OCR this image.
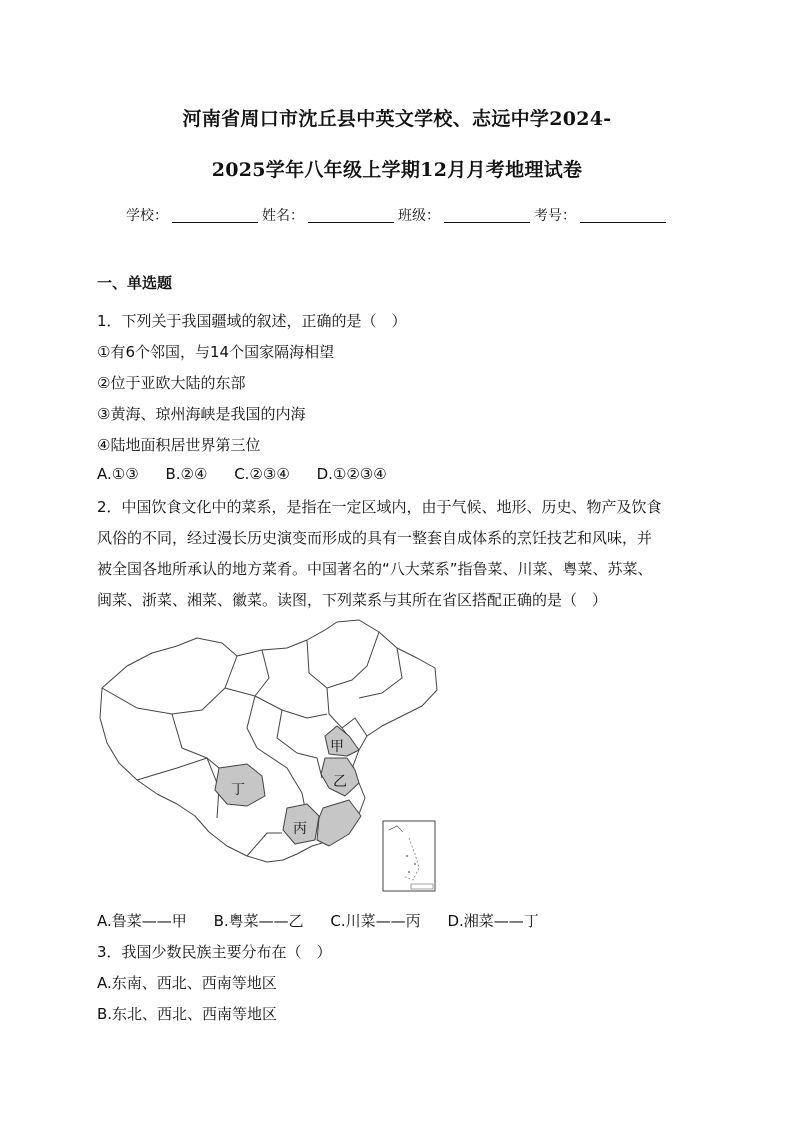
河南省周口市沈丘县中英文学校、志远中学2024-
2025学年八年级上学期12月月考地理试卷
学校：	姓名：	班级：	考号：
一、单选题
1．下列关于我国疆域的叙述，正确的是（　）
①有6个邻国，与14个国家隔海相望
②位于亚欧大陆的东部
③黄海、琼州海峡是我国的内海
④陆地面积居世界第三位
A.①③ B.②④ C.②③④ D.①②③④
2．中国饮食文化中的菜系，是指在一定区域内，由于气候、地形、历史、物产及饮食
风俗的不同，经过漫长历史演变而形成的具有一整套自成体系的烹饪技艺和风味，并
被全国各地所承认的地方菜肴。中国著名的“八大菜系”指鲁菜、川菜、粤菜、苏菜、
闽菜、浙菜、湘菜、徽菜。读图，下列菜系与其所在省区搭配正确的是（　）
甲
乙
丙
丁
A.鲁菜——甲 B.粤菜——乙 C.川菜——丙 D.湘菜——丁
3．我国少数民族主要分布在（　）
A.东南、西北、西南等地区
B.东北、西北、西南等地区
